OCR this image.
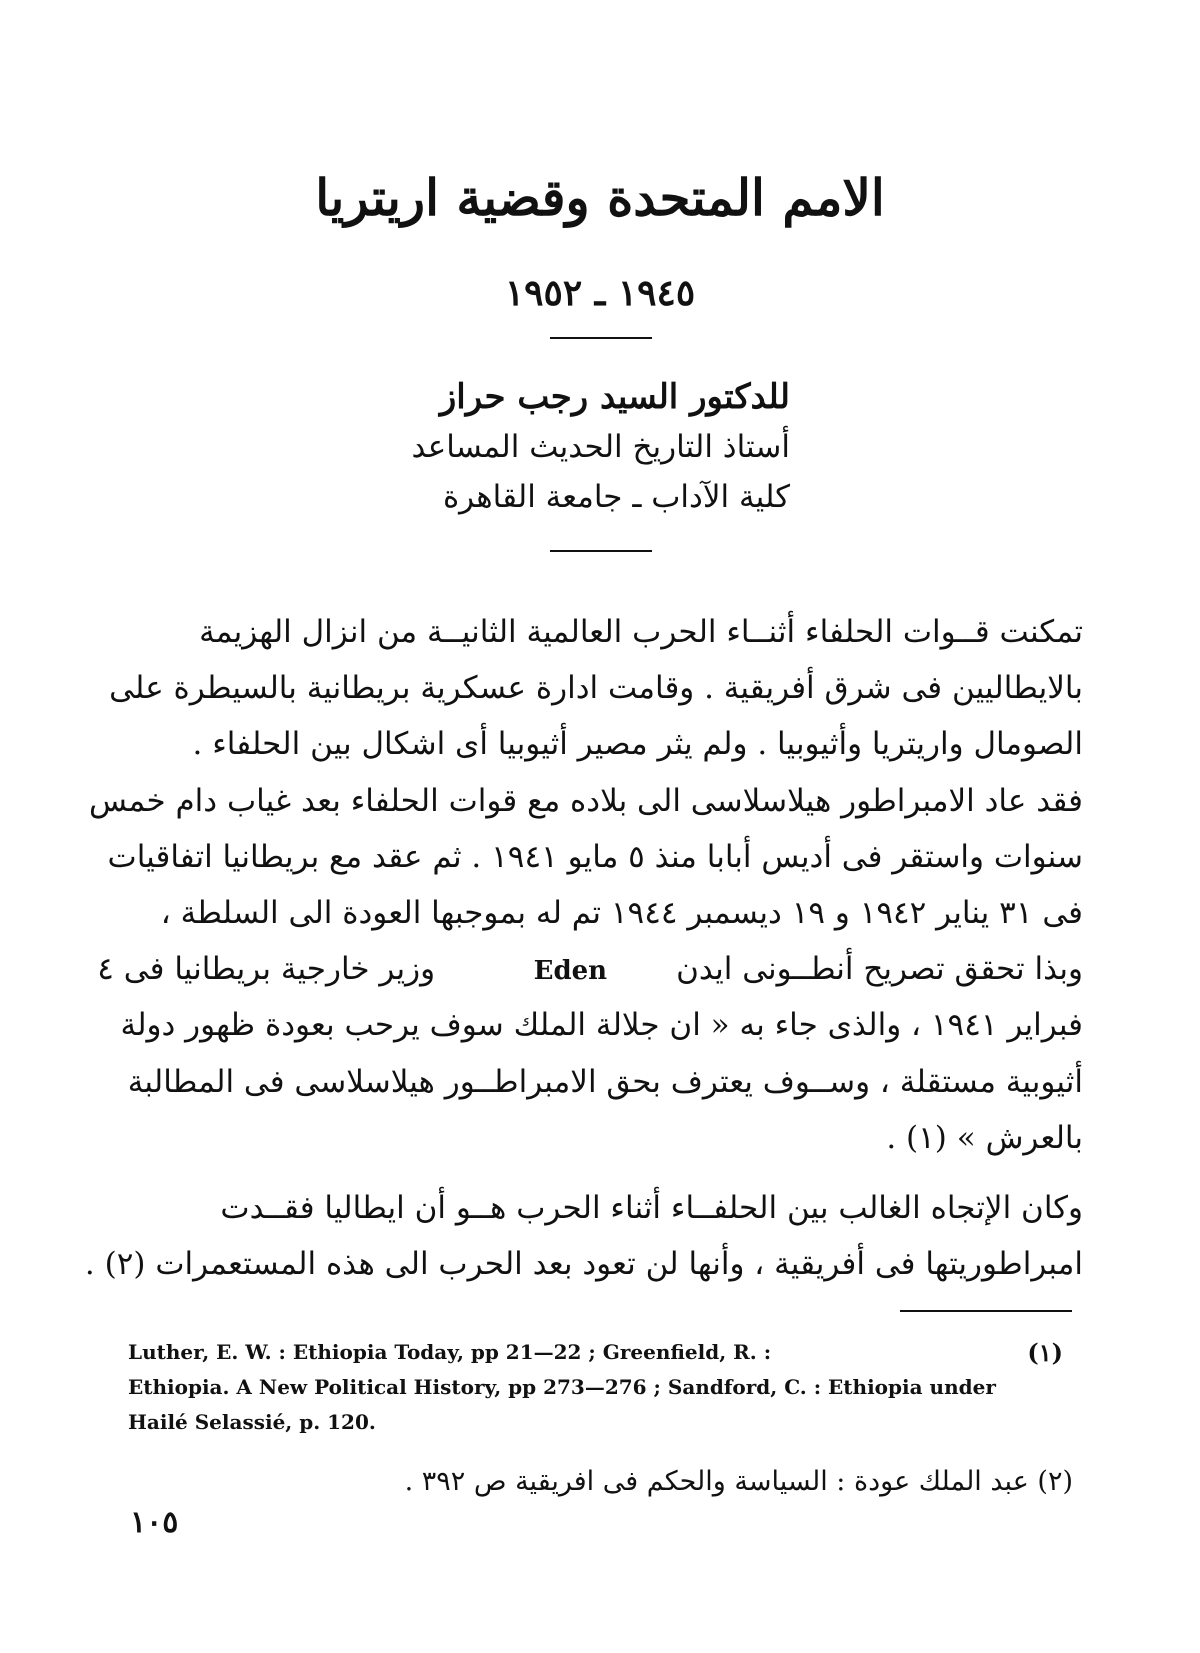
الامم المتحدة وقضية اريتريا
١٩٤٥ ـ ١٩٥٢

للدكتور السيد رجب حراز

أستاذ التاريخ الحديث المساعد

كلية الآداب ـ جامعة القاهرة

تمكنت قــوات الحلفاء أثنــاء الحرب العالمية الثانيــة من انزال الهزيمة
بالايطاليين فى شرق أفريقية . وقامت ادارة عسكرية بريطانية بالسيطرة على
الصومال واريتريا وأثيوبيا . ولم يثر مصير أثيوبيا أى اشكال بين الحلفاء .
فقد عاد الامبراطور هيلاسلاسى الى بلاده مع قوات الحلفاء بعد غياب دام خمس
سنوات واستقر فى أديس أبابا منذ ٥ مايو ١٩٤١ . ثم عقد مع بريطانيا اتفاقيات
فى ٣١ يناير ١٩٤٢ و ١٩ ديسمبر ١٩٤٤ تم له بموجبها العودة الى السلطة ،
وبذا تحقق تصريح أنطــونى ايدن       Eden          وزير خارجية بريطانيا فى ٤
فبراير ١٩٤١ ، والذى جاء به « ان جلالة الملك سوف يرحب بعودة ظهور دولة
أثيوبية مستقلة ، وســوف يعترف بحق الامبراطــور هيلاسلاسى فى المطالبة
بالعرش » (١) .
وكان الإتجاه الغالب بين الحلفــاء أثناء الحرب هــو أن ايطاليا فقــدت
امبراطوريتها فى أفريقية ، وأنها لن تعود بعد الحرب الى هذه المستعمرات (٢) .
(١)
Luther, E. W. : Ethiopia Today, pp 21—22 ; Greenfield, R. :
Ethiopia. A New Political History, pp 273—276 ; Sandford, C. : Ethiopia under
Hailé Selassié, p. 120.
(٢) عبد الملك عودة : السياسة والحكم فى افريقية ص ٣٩٢ .
١٠٥
